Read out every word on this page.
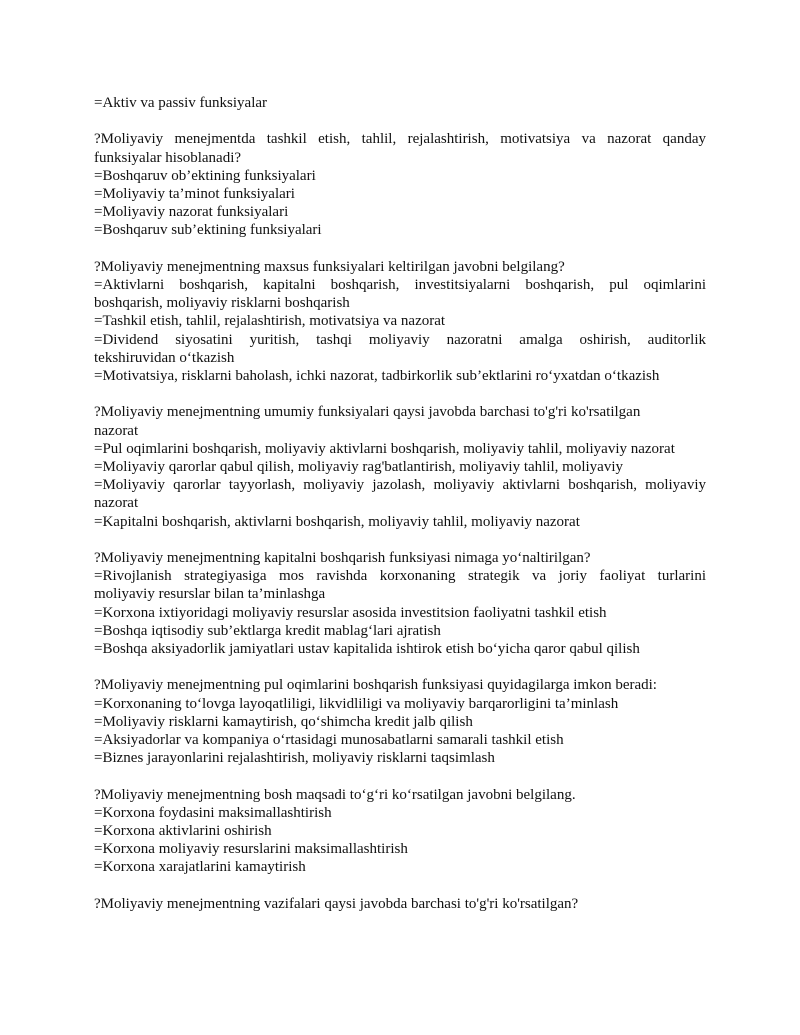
=Aktiv va passiv funksiyalar
?Moliyaviy menejmentda tashkil etish, tahlil, rejalashtirish, motivatsiya va nazorat qanday
funksiyalar hisoblanadi?
=Boshqaruv ob’ektining funksiyalari
=Moliyaviy ta’minot funksiyalari
=Moliyaviy nazorat funksiyalari
=Boshqaruv sub’ektining funksiyalari
?Moliyaviy menejmentning maxsus funksiyalari keltirilgan javobni belgilang?
=Aktivlarni boshqarish, kapitalni boshqarish, investitsiyalarni boshqarish, pul oqimlarini
boshqarish, moliyaviy risklarni boshqarish
=Tashkil etish, tahlil, rejalashtirish, motivatsiya va nazorat
=Dividend siyosatini yuritish, tashqi moliyaviy nazoratni amalga oshirish, auditorlik
tekshiruvidan o‘tkazish
=Motivatsiya, risklarni baholash, ichki nazorat, tadbirkorlik sub’ektlarini ro‘yxatdan o‘tkazish
?Moliyaviy menejmentning umumiy funksiyalari qaysi javobda barchasi to'g'ri ko'rsatilgan
nazorat
=Pul oqimlarini boshqarish, moliyaviy aktivlarni boshqarish, moliyaviy tahlil, moliyaviy nazorat
=Moliyaviy qarorlar qabul qilish, moliyaviy rag'batlantirish, moliyaviy tahlil, moliyaviy
=Moliyaviy qarorlar tayyorlash, moliyaviy jazolash, moliyaviy aktivlarni boshqarish, moliyaviy
nazorat
=Kapitalni boshqarish, aktivlarni boshqarish, moliyaviy tahlil, moliyaviy nazorat
?Moliyaviy menejmentning kapitalni boshqarish funksiyasi nimaga yo‘naltirilgan?
=Rivojlanish strategiyasiga mos ravishda korxonaning strategik va joriy faoliyat turlarini
moliyaviy resurslar bilan ta’minlashga
=Korxona ixtiyoridagi moliyaviy resurslar asosida investitsion faoliyatni tashkil etish
=Boshqa iqtisodiy sub’ektlarga kredit mablag‘lari ajratish
=Boshqa aksiyadorlik jamiyatlari ustav kapitalida ishtirok etish bo‘yicha qaror qabul qilish
?Moliyaviy menejmentning pul oqimlarini boshqarish funksiyasi quyidagilarga imkon beradi:
=Korxonaning to‘lovga layoqatliligi, likvidliligi va moliyaviy barqarorligini ta’minlash
=Moliyaviy risklarni kamaytirish, qo‘shimcha kredit jalb qilish
=Aksiyadorlar va kompaniya o‘rtasidagi munosabatlarni samarali tashkil etish
=Biznes jarayonlarini rejalashtirish, moliyaviy risklarni taqsimlash
?Moliyaviy menejmentning bosh maqsadi to‘g‘ri ko‘rsatilgan javobni belgilang.
=Korxona foydasini maksimallashtirish
=Korxona aktivlarini oshirish
=Korxona moliyaviy resurslarini maksimallashtirish
=Korxona xarajatlarini kamaytirish
?Moliyaviy menejmentning vazifalari qaysi javobda barchasi to'g'ri ko'rsatilgan?
